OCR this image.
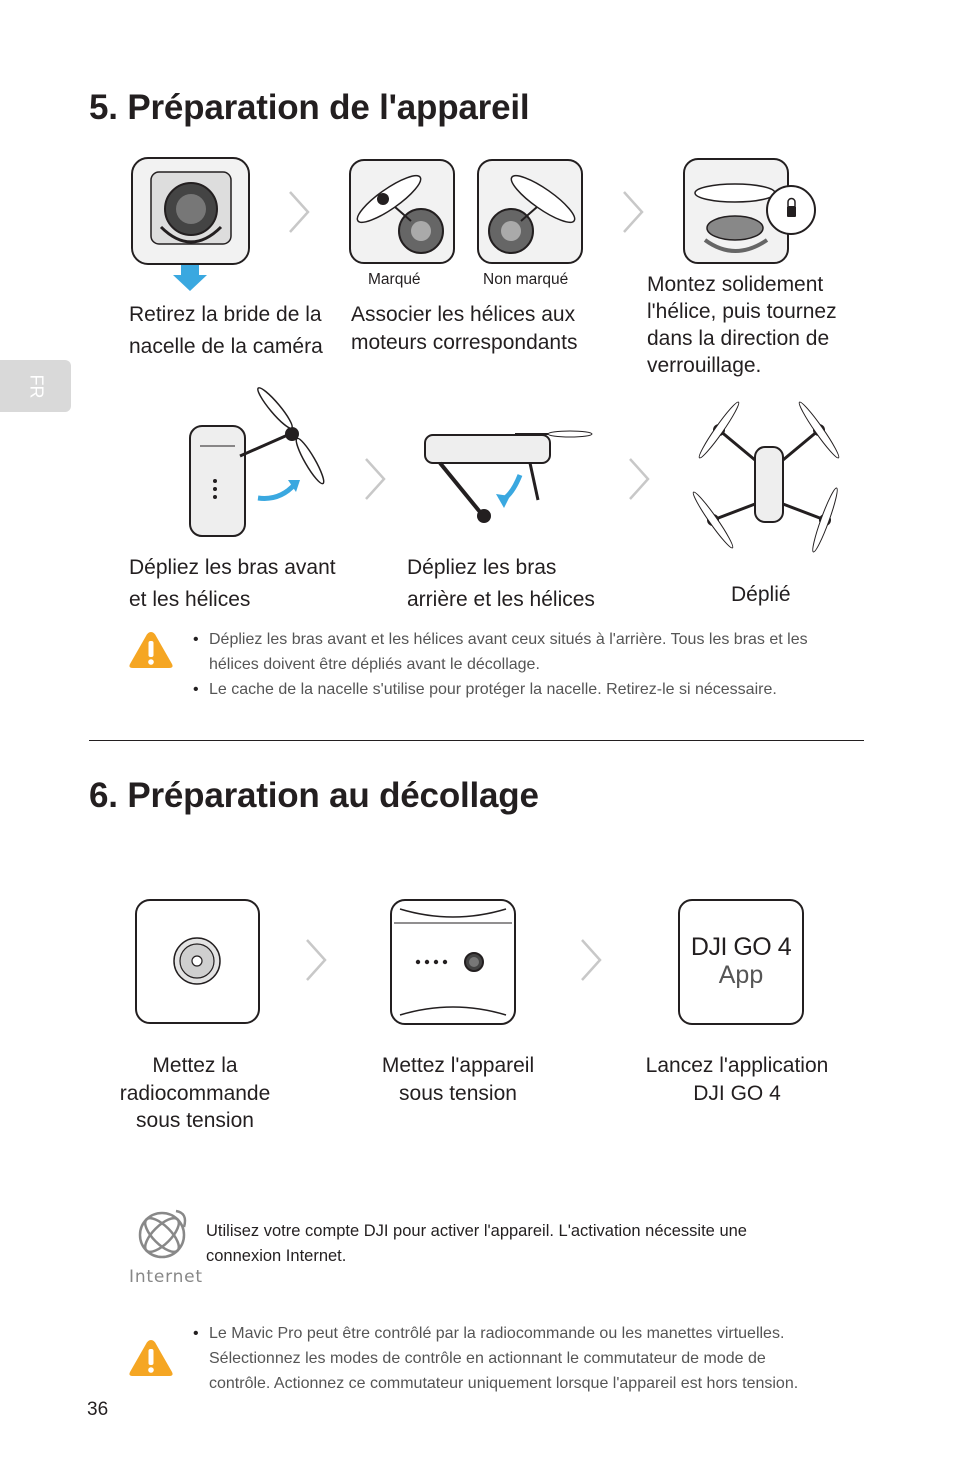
FR
5. Préparation de l'appareil
Marqué	Non marqué
Retirez la bride de la
nacelle de la caméra
Associer les hélices aux
moteurs correspondants
Montez solidement
l'hélice, puis tournez
dans la direction de
verrouillage.
Dépliez les bras avant
et les hélices
Dépliez les bras
arrière et les hélices	Déplié
• Dépliez les bras avant et les hélices avant ceux situés à l'arrière. Tous les bras et les
hélices doivent être dépliés avant le décollage.
• Le cache de la nacelle s'utilise pour protéger la nacelle. Retirez-le si nécessaire.
6. Préparation au décollage
DJI GO 4
App
Mettez la
radiocommande
sous tension
Mettez l'appareil
sous tension
Lancez l'application
DJI GO 4
Internet
Utilisez votre compte DJI pour activer l'appareil. L'activation nécessite une
connexion Internet.
• Le Mavic Pro peut être contrôlé par la radiocommande ou les manettes virtuelles.
Sélectionnez les modes de contrôle en actionnant le commutateur de mode de
contrôle. Actionnez ce commutateur uniquement lorsque l'appareil est hors tension.
36
